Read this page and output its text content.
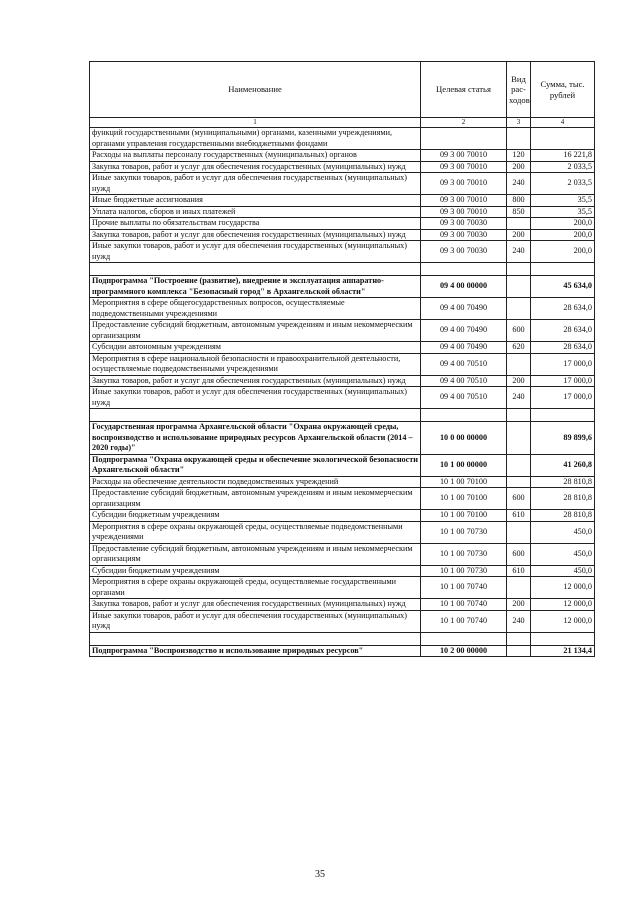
Наименование	Целевая статья	Вид рас-ходов	Сумма, тыс. рублей
1	2	3	4
функций государственными (муниципальными) органами, казенными учреждениями, органами управления государственными внебюджетными фондами			
Расходы на выплаты персоналу государственных (муниципальных) органов	09 3 00 70010	120	16 221,8
Закупка товаров, работ и услуг для обеспечения государственных (муниципальных) нужд	09 3 00 70010	200	2 033,5
Иные закупки товаров, работ и услуг для обеспечения государственных (муниципальных) нужд	09 3 00 70010	240	2 033,5
Иные бюджетные ассигнования	09 3 00 70010	800	35,5
Уплата налогов, сборов и иных платежей	09 3 00 70010	850	35,5
Прочие выплаты по обязательствам государства	09 3 00 70030		200,0
Закупка товаров, работ и услуг для обеспечения государственных (муниципальных) нужд	09 3 00 70030	200	200,0
Иные закупки товаров, работ и услуг для обеспечения государственных (муниципальных) нужд	09 3 00 70030	240	200,0

Подпрограмма "Построение (развитие), внедрение и эксплуатация аппаратно-программного комплекса "Безопасный город" в Архангельской области"	09 4 00 00000		45 634,0
Мероприятия в сфере общегосударственных вопросов, осуществляемые подведомственными учреждениями	09 4 00 70490		28 634,0
Предоставление субсидий бюджетным, автономным учреждениям и иным некоммерческим организациям	09 4 00 70490	600	28 634,0
Субсидии автономным учреждениям	09 4 00 70490	620	28 634,0
Мероприятия в сфере национальной безопасности и правоохранительной деятельности, осуществляемые подведомственными учреждениями	09 4 00 70510		17 000,0
Закупка товаров, работ и услуг для обеспечения государственных (муниципальных) нужд	09 4 00 70510	200	17 000,0
Иные закупки товаров, работ и услуг для обеспечения государственных (муниципальных) нужд	09 4 00 70510	240	17 000,0

Государственная программа Архангельской области "Охрана окружающей среды, воспроизводство и использование природных ресурсов Архангельской области (2014 – 2020 годы)"	10 0 00 00000		89 899,6
Подпрограмма "Охрана окружающей среды и обеспечение экологической безопасности Архангельской области"	10 1 00 00000		41 260,8
Расходы на обеспечение деятельности подведомственных учреждений	10 1 00 70100		28 810,8
Предоставление субсидий бюджетным, автономным учреждениям и иным некоммерческим организациям	10 1 00 70100	600	28 810,8
Субсидии бюджетным учреждениям	10 1 00 70100	610	28 810,8
Мероприятия в сфере охраны окружающей среды, осуществляемые подведомственными учреждениями	10 1 00 70730		450,0
Предоставление субсидий бюджетным, автономным учреждениям и иным некоммерческим организациям	10 1 00 70730	600	450,0
Субсидии бюджетным учреждениям	10 1 00 70730	610	450,0
Мероприятия в сфере охраны окружающей среды, осуществляемые государственными органами	10 1 00 70740		12 000,0
Закупка товаров, работ и услуг для обеспечения государственных (муниципальных) нужд	10 1 00 70740	200	12 000,0
Иные закупки товаров, работ и услуг для обеспечения государственных (муниципальных) нужд	10 1 00 70740	240	12 000,0

Подпрограмма "Воспроизводство и использование природных ресурсов"	10 2 00 00000		21 134,4
35
